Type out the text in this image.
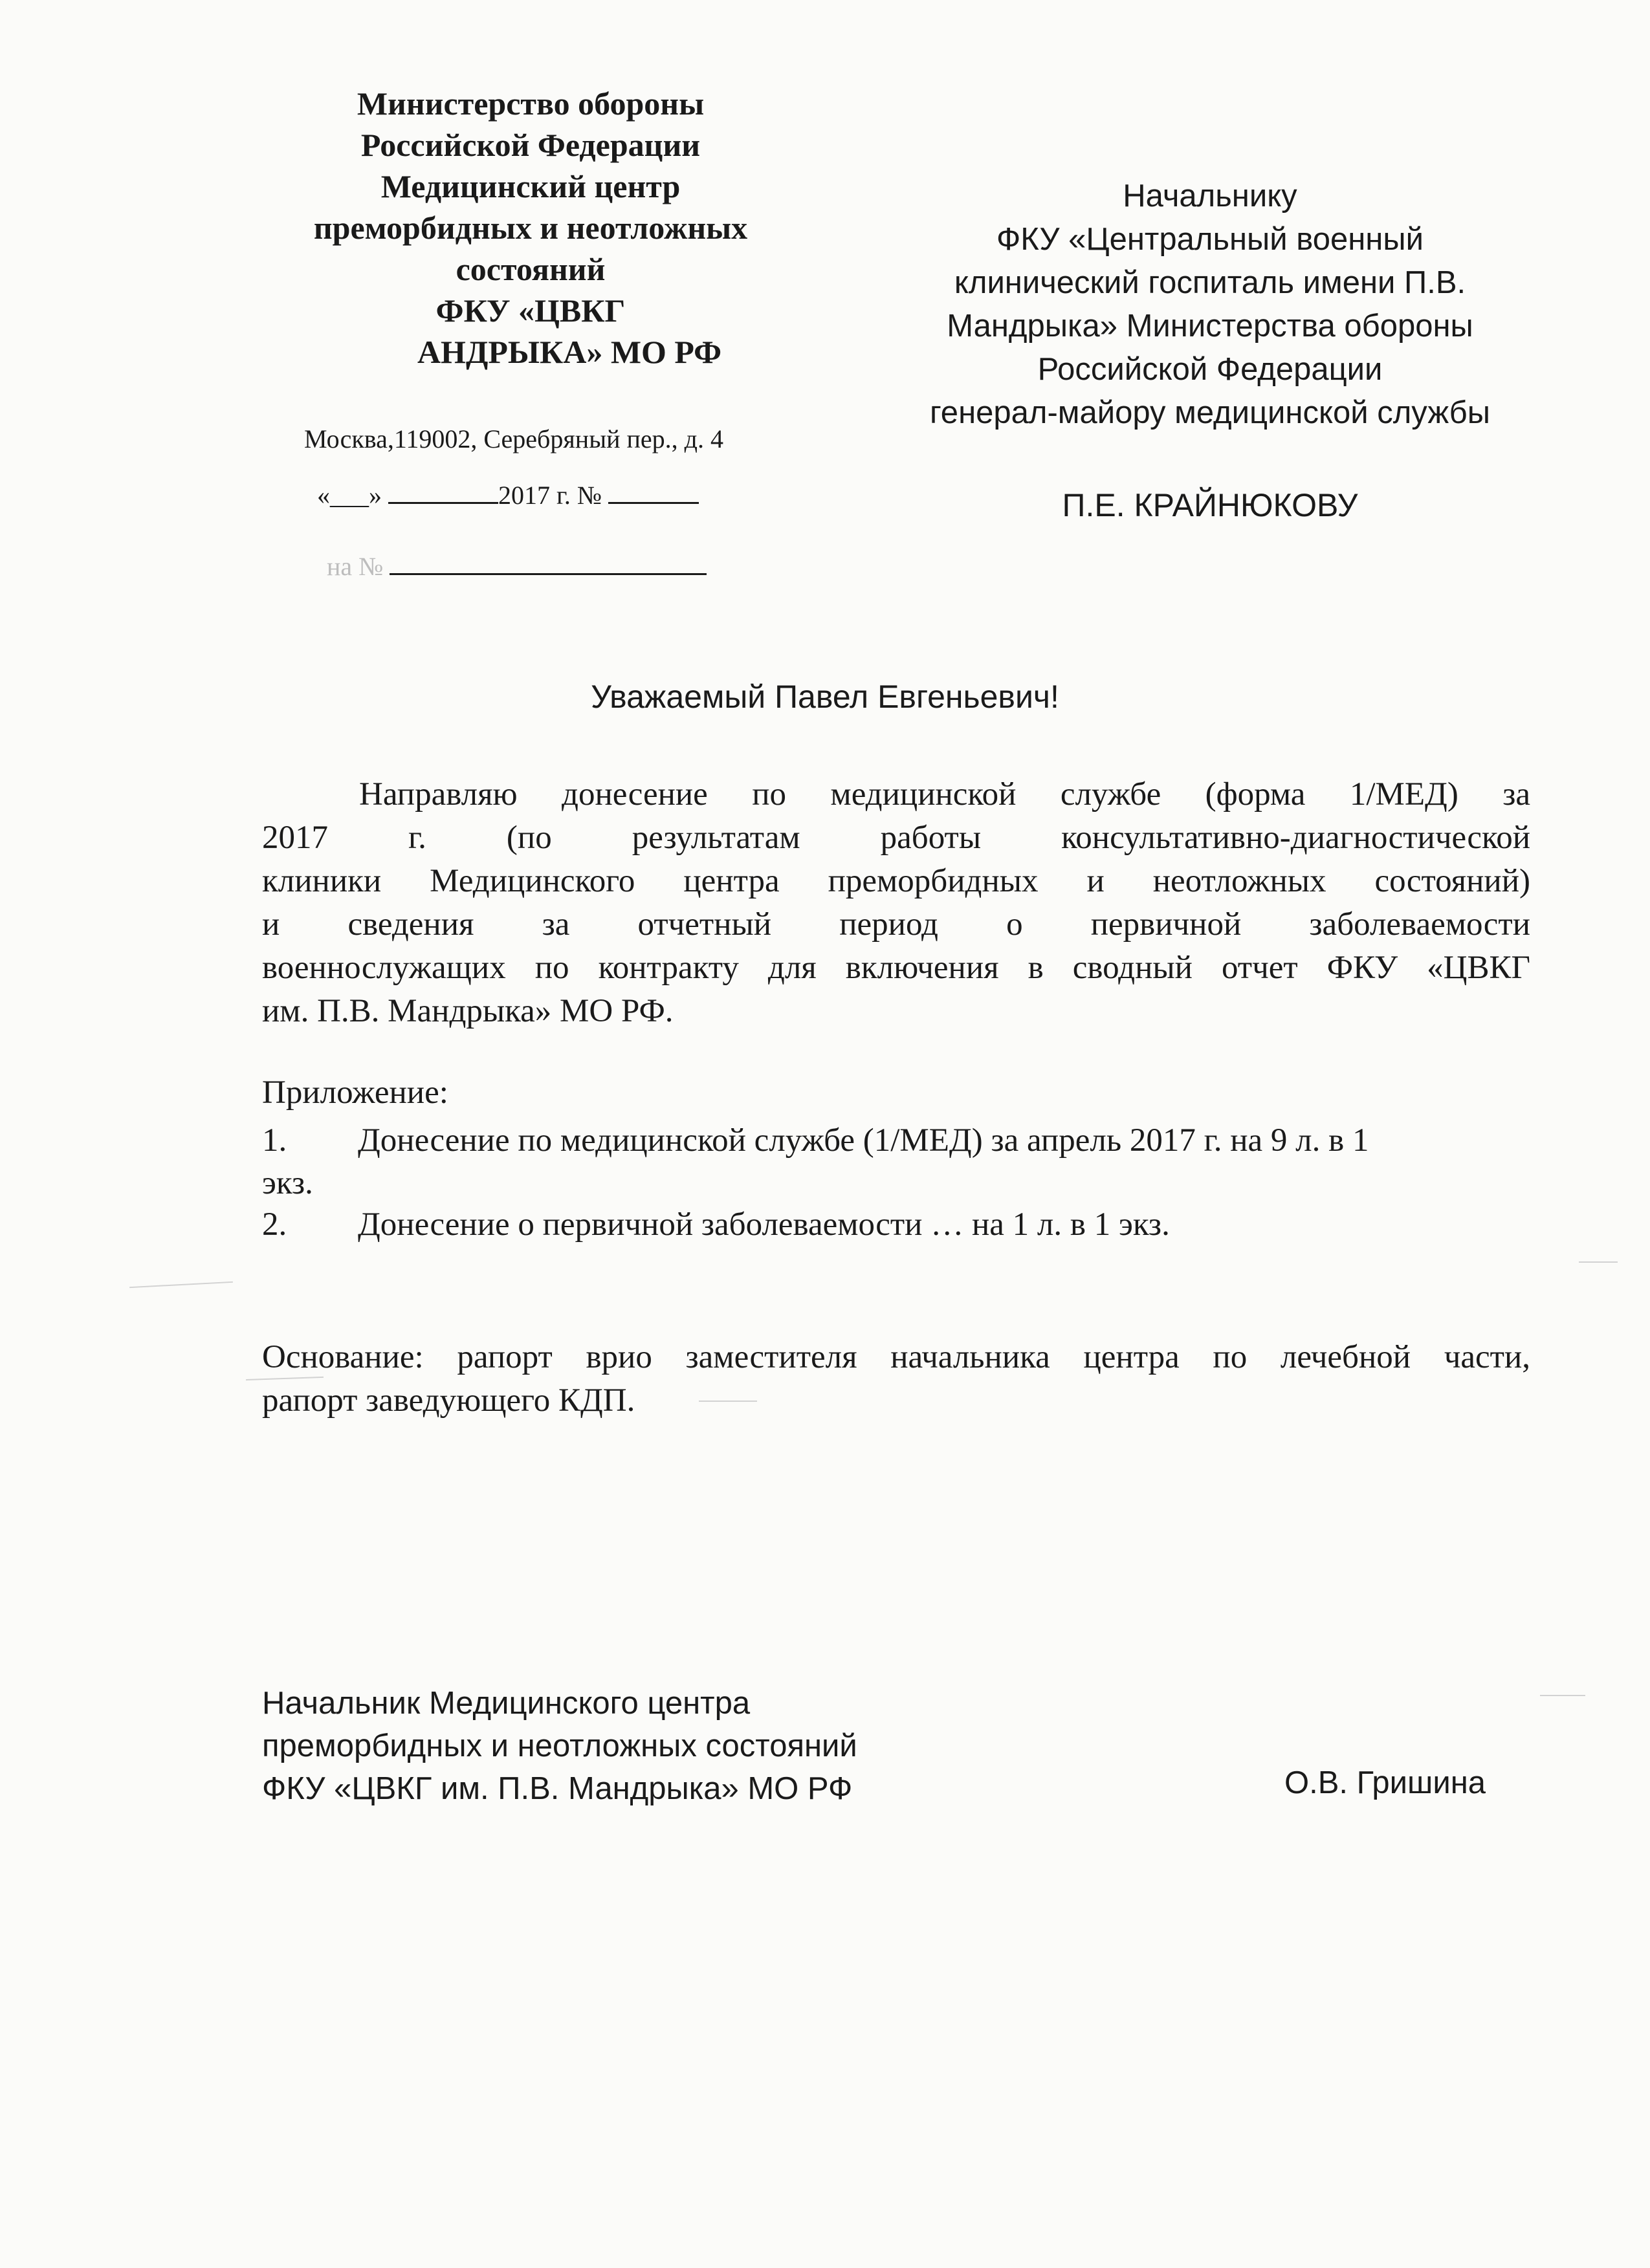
Министерство обороны
Российской Федерации
Медицинский центр
преморбидных и неотложных
состояний
ФКУ «ЦВКГ
АНДРЫКА» МО РФ
Москва,119002, Серебряный пер., д. 4
«___»	2017 г. №
на №
Начальнику
ФКУ «Центральный военный
клинический госпиталь имени П.В.
Мандрыка» Министерства обороны
Российской Федерации
генерал-майору медицинской службы
П.Е. КРАЙНЮКОВУ
Уважаемый Павел Евгеньевич!
Направляю донесение по медицинской службе (форма 1/МЕД) за
2017 г. (по результатам работы консультативно-диагностической
клиники Медицинского центра преморбидных и неотложных состояний)
и сведения за отчетный период о первичной заболеваемости
военнослужащих по контракту для включения в сводный отчет ФКУ «ЦВКГ
им. П.В. Мандрыка» МО РФ.
Приложение:
1. Донесение по медицинской службе (1/МЕД) за апрель 2017 г. на 9 л. в 1
экз.
2. Донесение о первичной заболеваемости … на 1 л. в 1 экз.
Основание: рапорт врио заместителя начальника центра по лечебной части,
рапорт заведующего КДП.
Начальник Медицинского центра
преморбидных и неотложных состояний
ФКУ «ЦВКГ им. П.В. Мандрыка» МО РФ	О.В. Гришина
